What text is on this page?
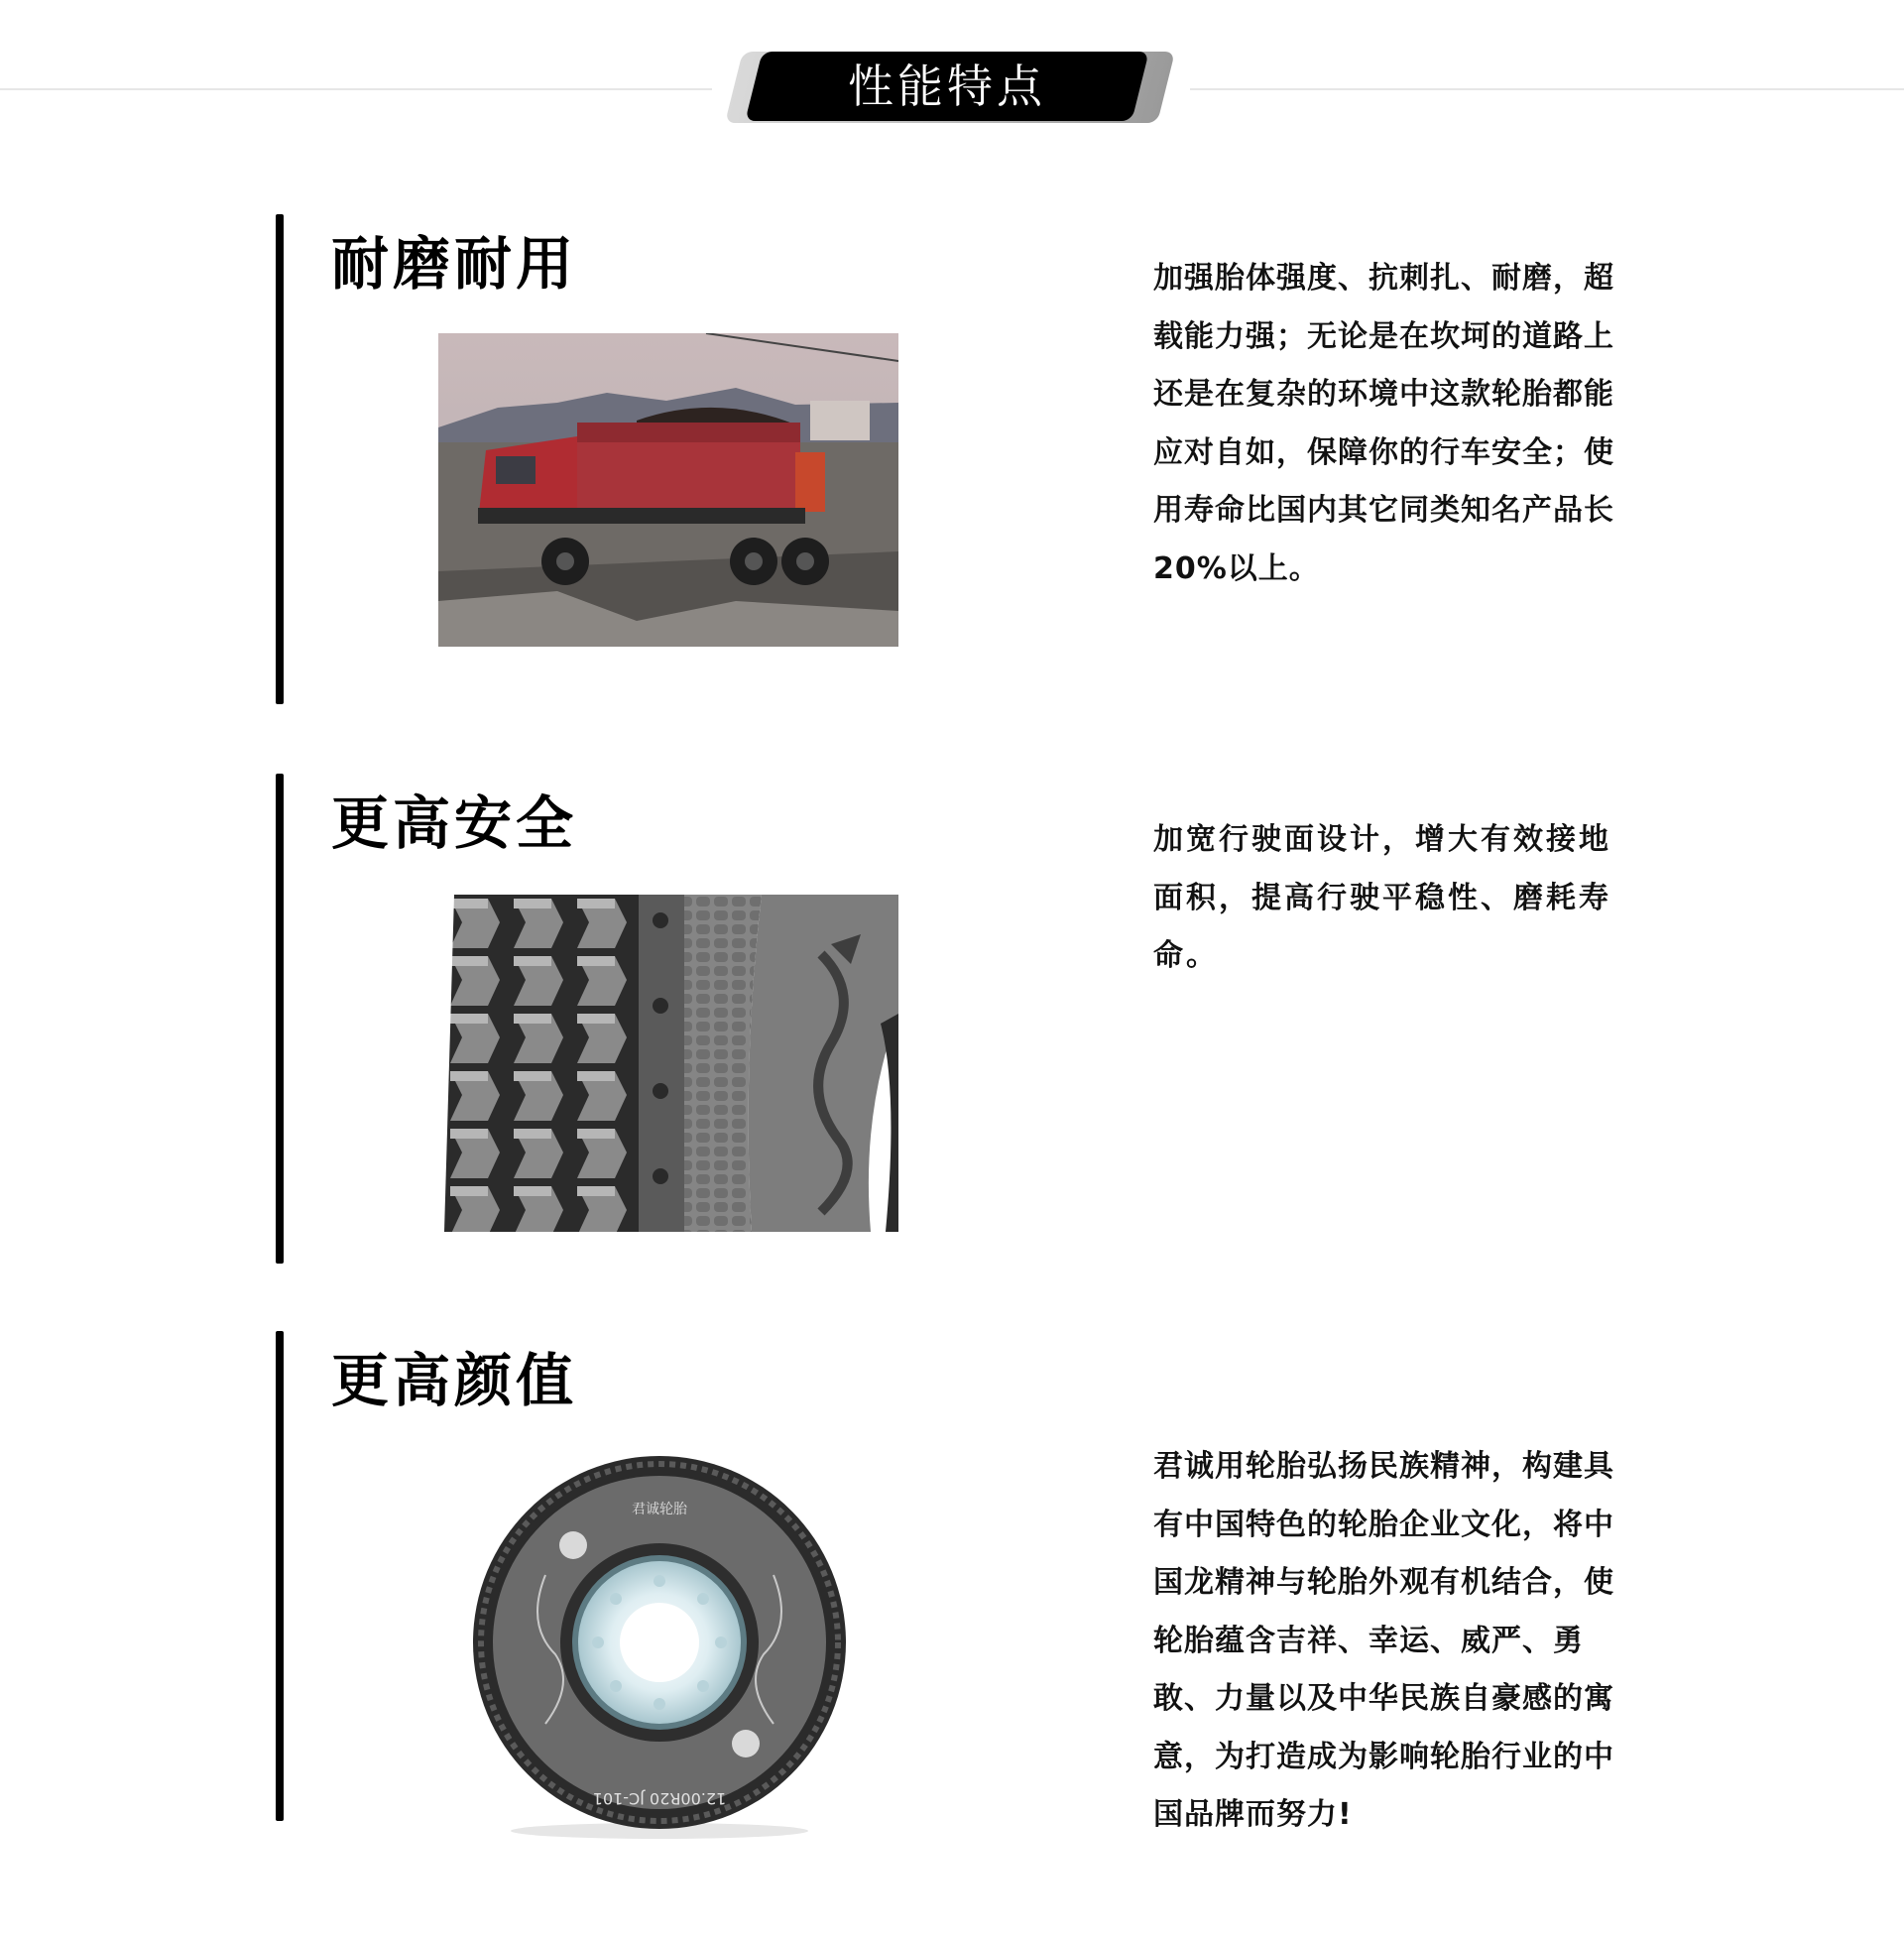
性能特点
耐磨耐用	加强胎体强度、抗刺扎、耐磨，超载能力强；无论是在坎坷的道路上还是在复杂的环境中这款轮胎都能应对自如，保障你的行车安全；使用寿命比国内其它同类知名产品长20%以上。
更高安全	加宽行驶面设计，增大有效接地面积，提高行驶平稳性、磨耗寿命。
更高颜值
君诚轮胎
12.00R20 JC-101
君诚用轮胎弘扬民族精神，构建具有中国特色的轮胎企业文化，将中国龙精神与轮胎外观有机结合，使轮胎蕴含吉祥、幸运、威严、勇敢、力量以及中华民族自豪感的寓意，为打造成为影响轮胎行业的中国品牌而努力!
